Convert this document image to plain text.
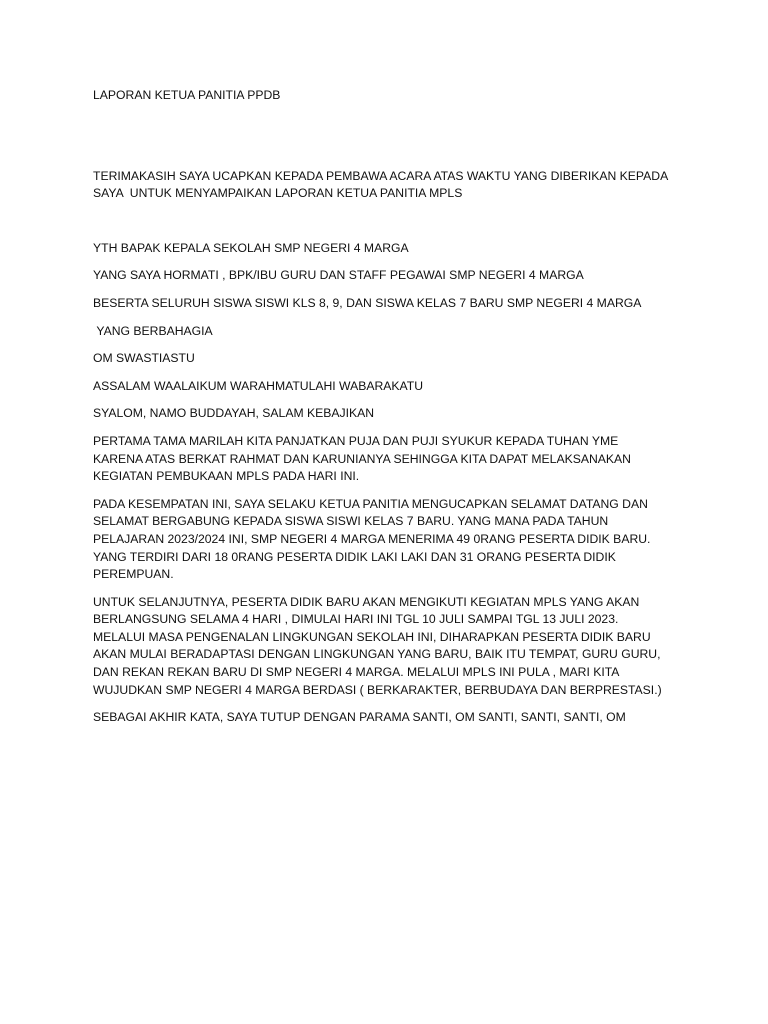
LAPORAN KETUA PANITIA PPDB

TERIMAKASIH SAYA UCAPKAN KEPADA PEMBAWA ACARA ATAS WAKTU YANG DIBERIKAN KEPADA SAYA  UNTUK MENYAMPAIKAN LAPORAN KETUA PANITIA MPLS

YTH BAPAK KEPALA SEKOLAH SMP NEGERI 4 MARGA

YANG SAYA HORMATI , BPK/IBU GURU DAN STAFF PEGAWAI SMP NEGERI 4 MARGA

BESERTA SELURUH SISWA SISWI KLS 8, 9, DAN SISWA KELAS 7 BARU SMP NEGERI 4 MARGA

YANG BERBAHAGIA

OM SWASTIASTU

ASSALAM WAALAIKUM WARAHMATULAHI WABARAKATU

SYALOM, NAMO BUDDAYAH, SALAM KEBAJIKAN

PERTAMA TAMA MARILAH KITA PANJATKAN PUJA DAN PUJI SYUKUR KEPADA TUHAN YME  KARENA ATAS BERKAT RAHMAT DAN KARUNIANYA SEHINGGA KITA DAPAT MELAKSANAKAN KEGIATAN PEMBUKAAN MPLS PADA HARI INI.

PADA KESEMPATAN INI, SAYA SELAKU KETUA PANITIA MENGUCAPKAN SELAMAT DATANG DAN SELAMAT BERGABUNG KEPADA SISWA SISWI KELAS 7 BARU. YANG MANA PADA TAHUN PELAJARAN 2023/2024 INI, SMP NEGERI 4 MARGA MENERIMA 49 0RANG PESERTA DIDIK BARU. YANG TERDIRI DARI 18 0RANG PESERTA DIDIK LAKI LAKI DAN 31 ORANG PESERTA DIDIK PEREMPUAN.

UNTUK SELANJUTNYA, PESERTA DIDIK BARU AKAN MENGIKUTI KEGIATAN MPLS YANG AKAN BERLANGSUNG SELAMA 4 HARI , DIMULAI HARI INI TGL 10 JULI SAMPAI TGL 13 JULI 2023.  MELALUI MASA PENGENALAN LINGKUNGAN SEKOLAH INI, DIHARAPKAN PESERTA DIDIK BARU AKAN MULAI BERADAPTASI DENGAN LINGKUNGAN YANG BARU, BAIK ITU TEMPAT, GURU GURU, DAN REKAN REKAN BARU DI SMP NEGERI 4 MARGA. MELALUI MPLS INI PULA , MARI KITA WUJUDKAN SMP NEGERI 4 MARGA BERDASI ( BERKARAKTER, BERBUDAYA DAN BERPRESTASI.)

SEBAGAI AKHIR KATA, SAYA TUTUP DENGAN PARAMA SANTI, OM SANTI, SANTI, SANTI, OM
